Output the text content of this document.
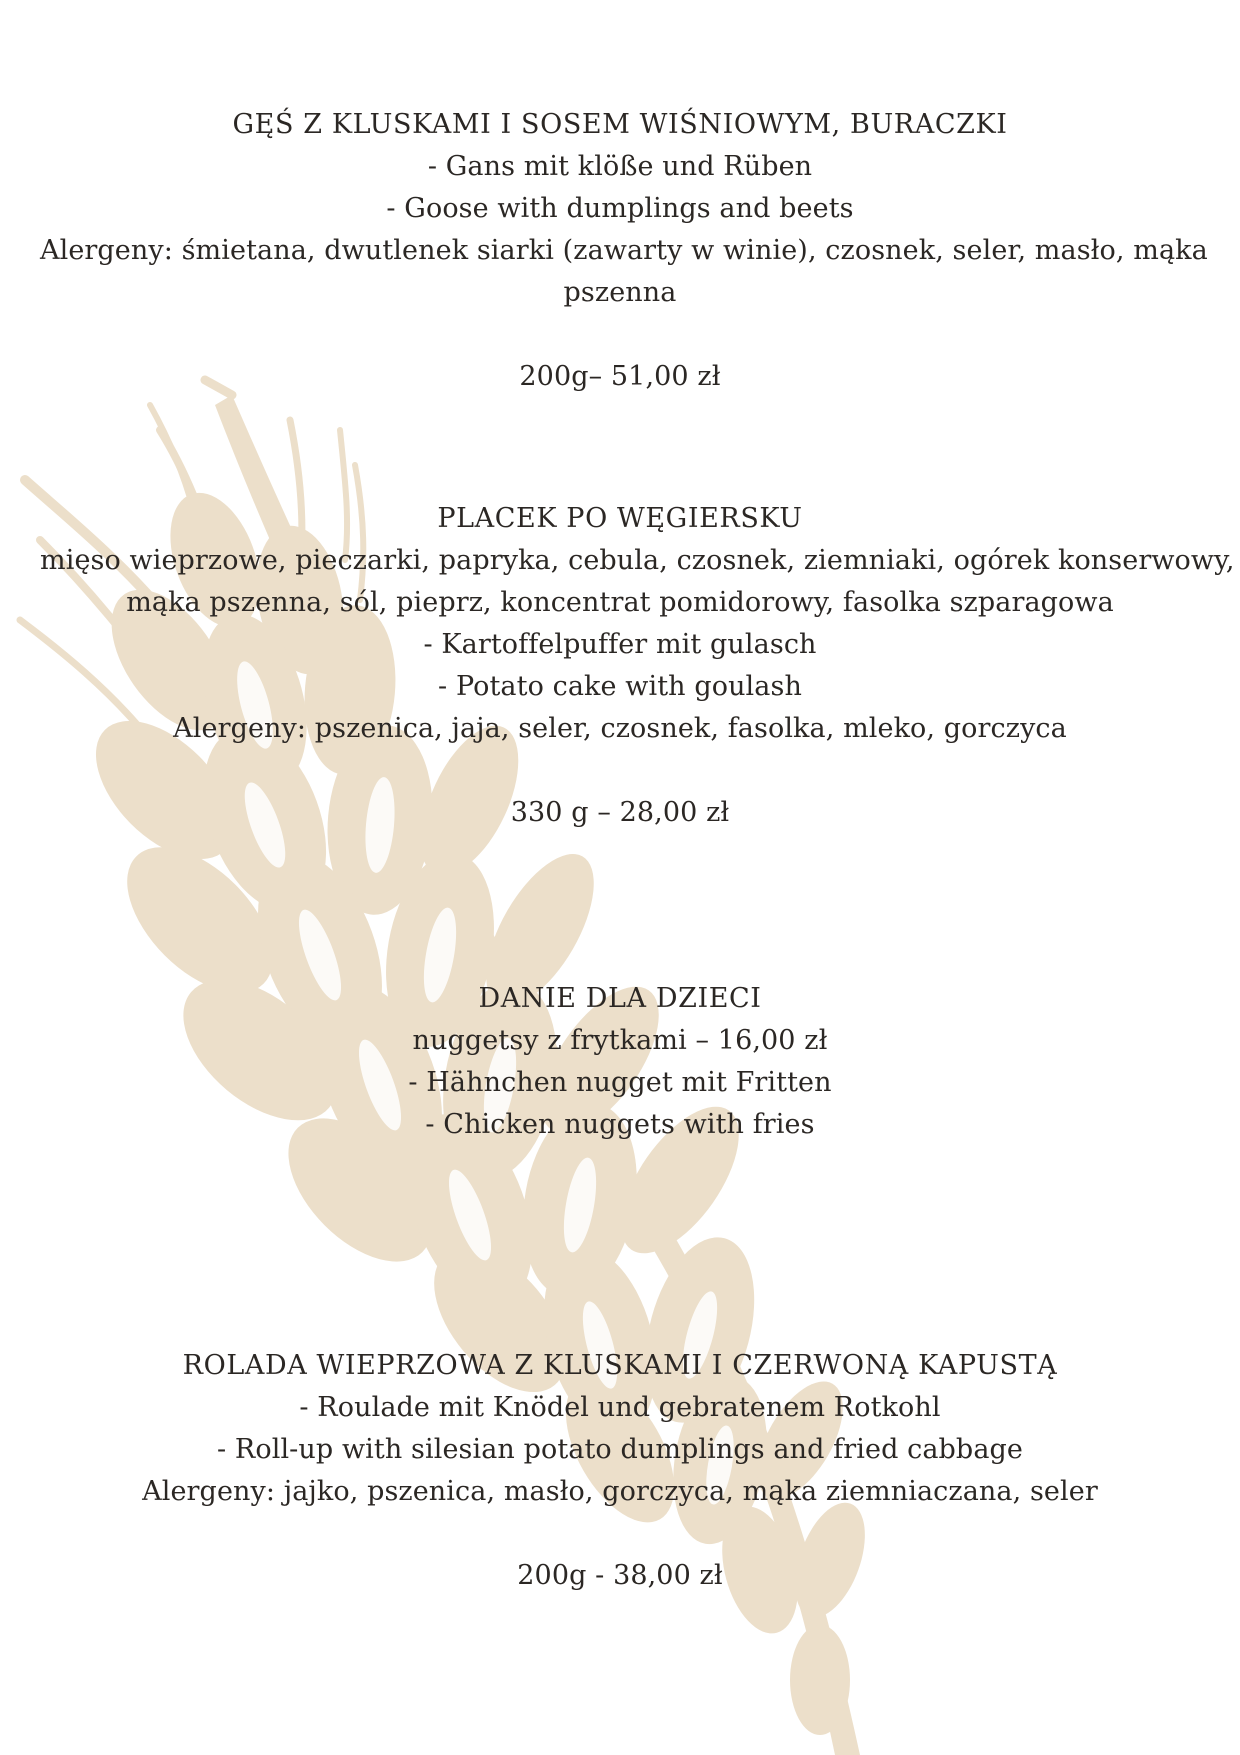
GĘŚ Z KLUSKAMI I SOSEM WIŚNIOWYM, BURACZKI
- Gans mit klöße und Rüben
- Goose with dumplings and beets
Alergeny: śmietana, dwutlenek siarki (zawarty w winie), czosnek, seler, masło, mąka
pszenna
200g– 51,00 zł
PLACEK PO WĘGIERSKU
mięso wieprzowe, pieczarki, papryka, cebula, czosnek, ziemniaki, ogórek konserwowy,
mąka pszenna, sól, pieprz, koncentrat pomidorowy, fasolka szparagowa
- Kartoffelpuffer mit gulasch
- Potato cake with goulash
Alergeny: pszenica, jaja, seler, czosnek, fasolka, mleko, gorczyca
330 g – 28,00 zł
DANIE DLA DZIECI
nuggetsy z frytkami – 16,00 zł
- Hähnchen nugget mit Fritten
- Chicken nuggets with fries
ROLADA WIEPRZOWA Z KLUSKAMI I CZERWONĄ KAPUSTĄ
- Roulade mit Knödel und gebratenem Rotkohl
- Roll-up with silesian potato dumplings and fried cabbage
Alergeny: jajko, pszenica, masło, gorczyca, mąka ziemniaczana, seler
200g - 38,00 zł
